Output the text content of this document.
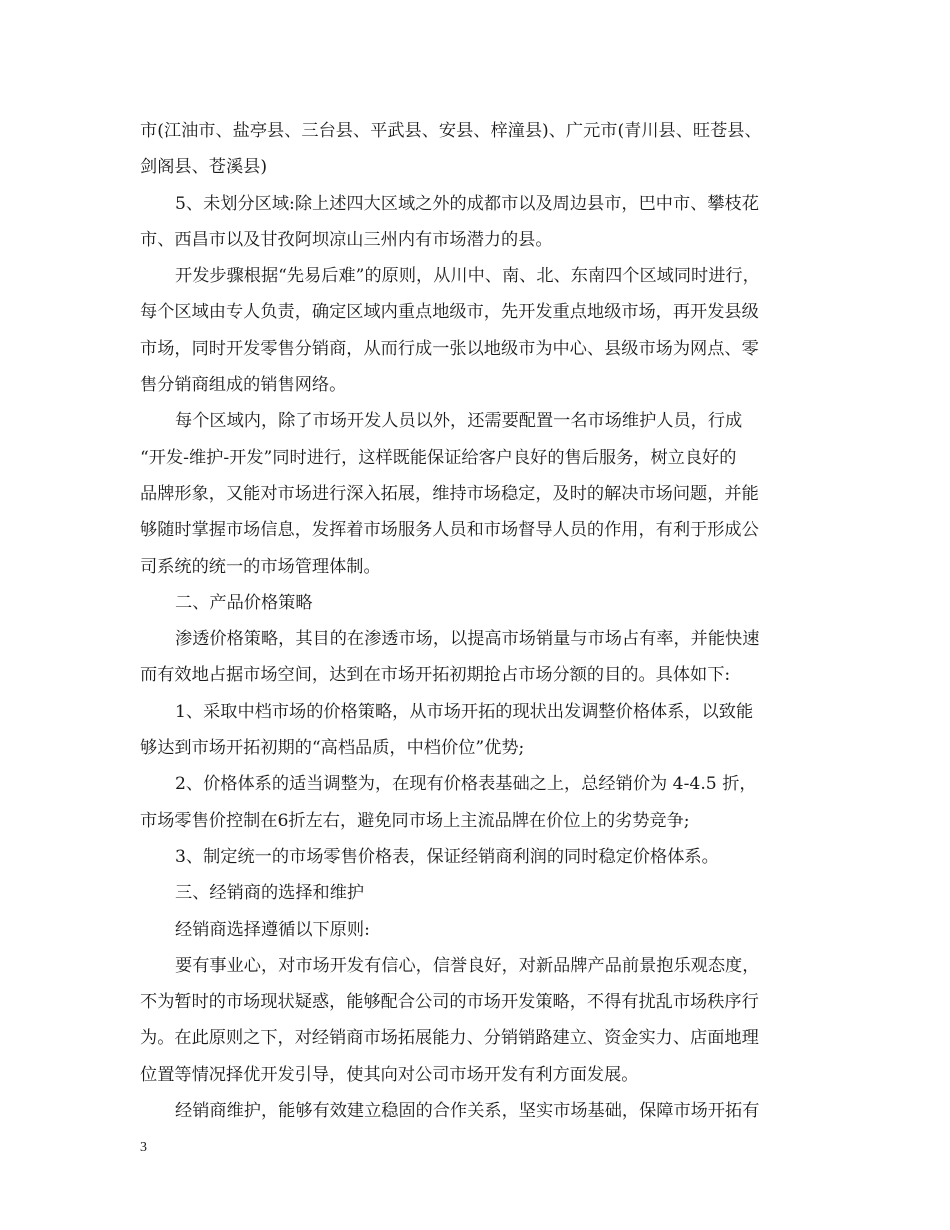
市(江油市、盐亭县、三台县、平武县、安县、梓潼县)、广元市(青川县、旺苍县、

剑阁县、苍溪县)

5、未划分区域:除上述四大区域之外的成都市以及周边县市，巴中市、攀枝花

市、西昌市以及甘孜阿坝凉山三州内有市场潜力的县。

开发步骤根据“先易后难”的原则，从川中、南、北、东南四个区域同时进行，

每个区域由专人负责，确定区域内重点地级市，先开发重点地级市场，再开发县级

市场，同时开发零售分销商，从而行成一张以地级市为中心、县级市场为网点、零

售分销商组成的销售网络。

每个区域内，除了市场开发人员以外，还需要配置一名市场维护人员，行成

“开发-维护-开发”同时进行，这样既能保证给客户良好的售后服务，树立良好的

品牌形象，又能对市场进行深入拓展，维持市场稳定，及时的解决市场问题，并能

够随时掌握市场信息，发挥着市场服务人员和市场督导人员的作用，有利于形成公

司系统的统一的市场管理体制。

二、产品价格策略

渗透价格策略，其目的在渗透市场，以提高市场销量与市场占有率，并能快速

而有效地占据市场空间，达到在市场开拓初期抢占市场分额的目的。具体如下:

1、采取中档市场的价格策略，从市场开拓的现状出发调整价格体系，以致能

够达到市场开拓初期的“高档品质，中档价位”优势;

2、价格体系的适当调整为，在现有价格表基础之上，总经销价为 4-4.5 折，

市场零售价控制在6折左右，避免同市场上主流品牌在价位上的劣势竞争;

3、制定统一的市场零售价格表，保证经销商利润的同时稳定价格体系。

三、经销商的选择和维护

经销商选择遵循以下原则:

要有事业心，对市场开发有信心，信誉良好，对新品牌产品前景抱乐观态度，

不为暂时的市场现状疑惑，能够配合公司的市场开发策略，不得有扰乱市场秩序行

为。在此原则之下，对经销商市场拓展能力、分销销路建立、资金实力、店面地理

位置等情况择优开发引导，使其向对公司市场开发有利方面发展。

经销商维护，能够有效建立稳固的合作关系，坚实市场基础，保障市场开拓有

3
